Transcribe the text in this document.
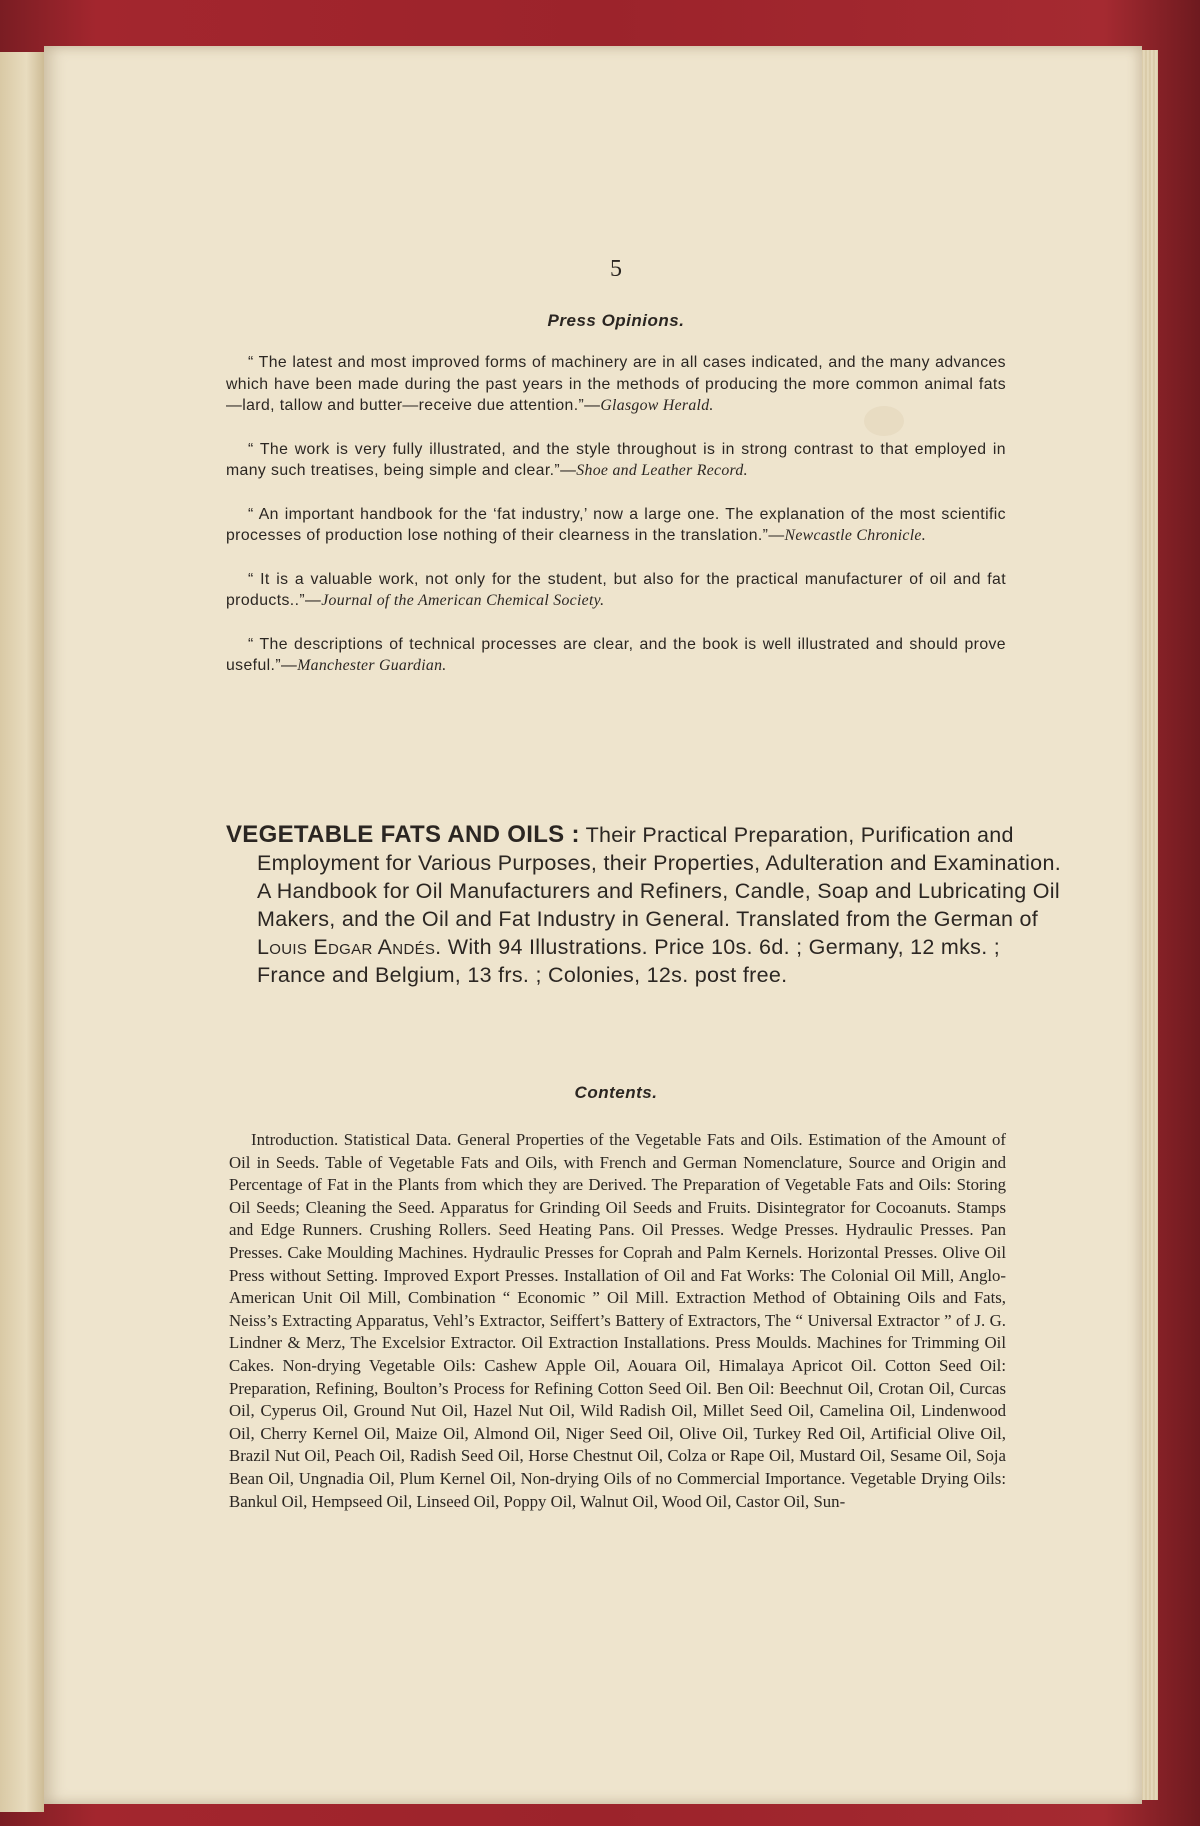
5
Press Opinions.

“ The latest and most improved forms of machinery are in all cases indicated, and the many advances which have been made during the past years in the methods of producing the more common animal fats—lard, tallow and butter—receive due attention.”—Glasgow Herald.

“ The work is very fully illustrated, and the style throughout is in strong contrast to that employed in many such treatises, being simple and clear.”—Shoe and Leather Record.

“ An important handbook for the ‘fat industry,’ now a large one. The explanation of the most scientific processes of production lose nothing of their clearness in the translation.”—Newcastle Chronicle.

“ It is a valuable work, not only for the student, but also for the practical manufacturer of oil and fat products..”—Journal of the American Chemical Society.

“ The descriptions of technical processes are clear, and the book is well illustrated and should prove useful.”—Manchester Guardian.

VEGETABLE FATS AND OILS : Their Practical Preparation, Purification and Employment for Various Purposes, their Properties, Adulteration and Examination. A Handbook for Oil Manufacturers and Refiners, Candle, Soap and Lubricating Oil Makers, and the Oil and Fat Industry in General. Translated from the German of Louis Edgar Andés. With 94 Illustrations. Price 10s. 6d. ; Germany, 12 mks. ; France and Belgium, 13 frs. ; Colonies, 12s. post free.
Contents.

Introduction. Statistical Data. General Properties of the Vegetable Fats and Oils. Estimation of the Amount of Oil in Seeds. Table of Vegetable Fats and Oils, with French and German Nomenclature, Source and Origin and Percentage of Fat in the Plants from which they are Derived. The Preparation of Vegetable Fats and Oils: Storing Oil Seeds; Cleaning the Seed. Apparatus for Grinding Oil Seeds and Fruits. Disintegrator for Cocoanuts. Stamps and Edge Runners. Crushing Rollers. Seed Heating Pans. Oil Presses. Wedge Presses. Hydraulic Presses. Pan Presses. Cake Moulding Machines. Hydraulic Presses for Coprah and Palm Kernels. Horizontal Presses. Olive Oil Press without Setting. Improved Export Presses. Installation of Oil and Fat Works: The Colonial Oil Mill, Anglo-American Unit Oil Mill, Combination “ Economic ” Oil Mill. Extraction Method of Obtaining Oils and Fats, Neiss’s Extracting Apparatus, Vehl’s Extractor, Seiffert’s Battery of Extractors, The “ Universal Extractor ” of J. G. Lindner & Merz, The Excelsior Extractor. Oil Extraction Installations. Press Moulds. Machines for Trimming Oil Cakes. Non-drying Vegetable Oils: Cashew Apple Oil, Aouara Oil, Himalaya Apricot Oil. Cotton Seed Oil: Preparation, Refining, Boulton’s Process for Refining Cotton Seed Oil. Ben Oil: Beechnut Oil, Crotan Oil, Curcas Oil, Cyperus Oil, Ground Nut Oil, Hazel Nut Oil, Wild Radish Oil, Millet Seed Oil, Camelina Oil, Lindenwood Oil, Cherry Kernel Oil, Maize Oil, Almond Oil, Niger Seed Oil, Olive Oil, Turkey Red Oil, Artificial Olive Oil, Brazil Nut Oil, Peach Oil, Radish Seed Oil, Horse Chestnut Oil, Colza or Rape Oil, Mustard Oil, Sesame Oil, Soja Bean Oil, Ungnadia Oil, Plum Kernel Oil, Non-drying Oils of no Commercial Importance. Vegetable Drying Oils: Bankul Oil, Hempseed Oil, Linseed Oil, Poppy Oil, Walnut Oil, Wood Oil, Castor Oil, Sun-
